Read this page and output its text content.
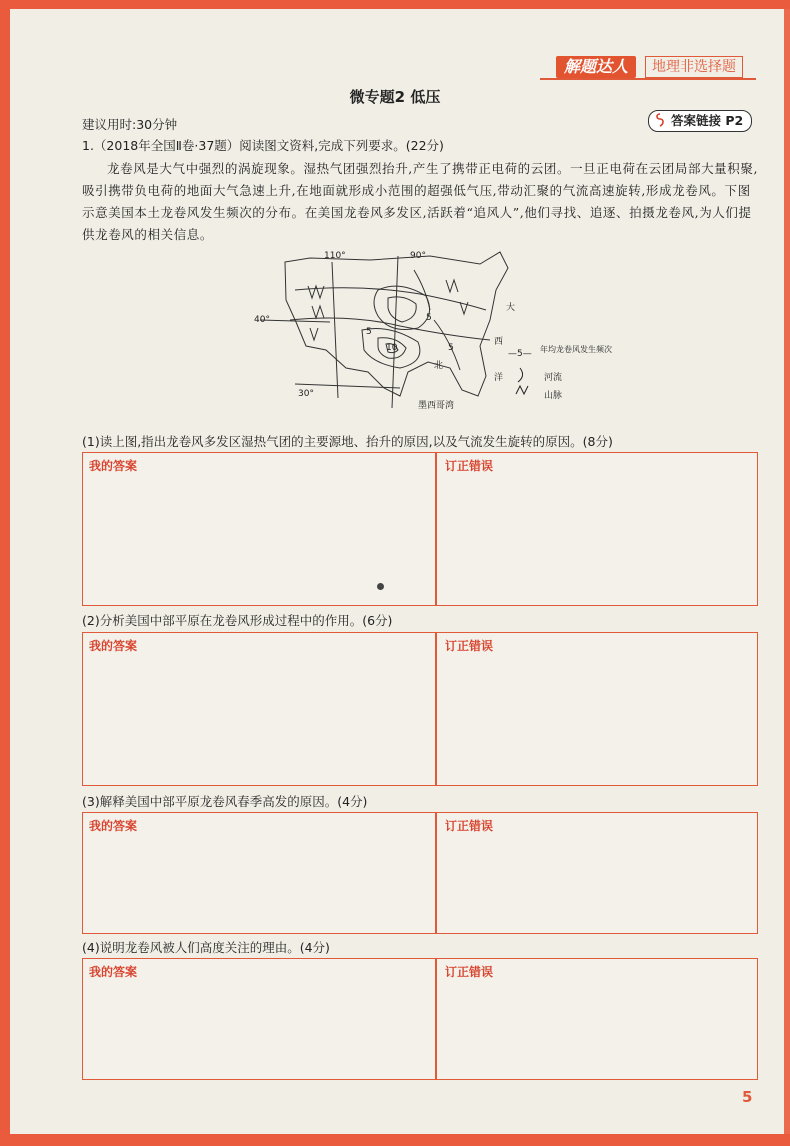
解题达人	地理非选择题
微专题2 低压
建议用时:30分钟	答案链接 P2
1.（2018年全国Ⅱ卷·37题）阅读图文资料,完成下列要求。(22分)
龙卷风是大气中强烈的涡旋现象。湿热气团强烈抬升,产生了携带正电荷的云团。一旦正电荷在云团局部大量积聚,吸引携带负电荷的地面大气急速上升,在地面就形成小范围的超强低气压,带动汇聚的气流高速旋转,形成龙卷风。下图示意美国本土龙卷风发生频次的分布。在美国龙卷风多发区,活跃着“追风人”,他们寻找、追逐、拍摄龙卷风,为人们提供龙卷风的相关信息。
110°	90°
40°
30°
墨西哥湾
大
西
洋
北
5
5
5
10
—5— 年均龙卷风发生频次
河流
山脉
(1)读上图,指出龙卷风多发区湿热气团的主要源地、抬升的原因,以及气流发生旋转的原因。(8分)
我的答案	订正错误
(2)分析美国中部平原在龙卷风形成过程中的作用。(6分)
我的答案	订正错误
(3)解释美国中部平原龙卷风春季高发的原因。(4分)
我的答案	订正错误
(4)说明龙卷风被人们高度关注的理由。(4分)
我的答案	订正错误
5
